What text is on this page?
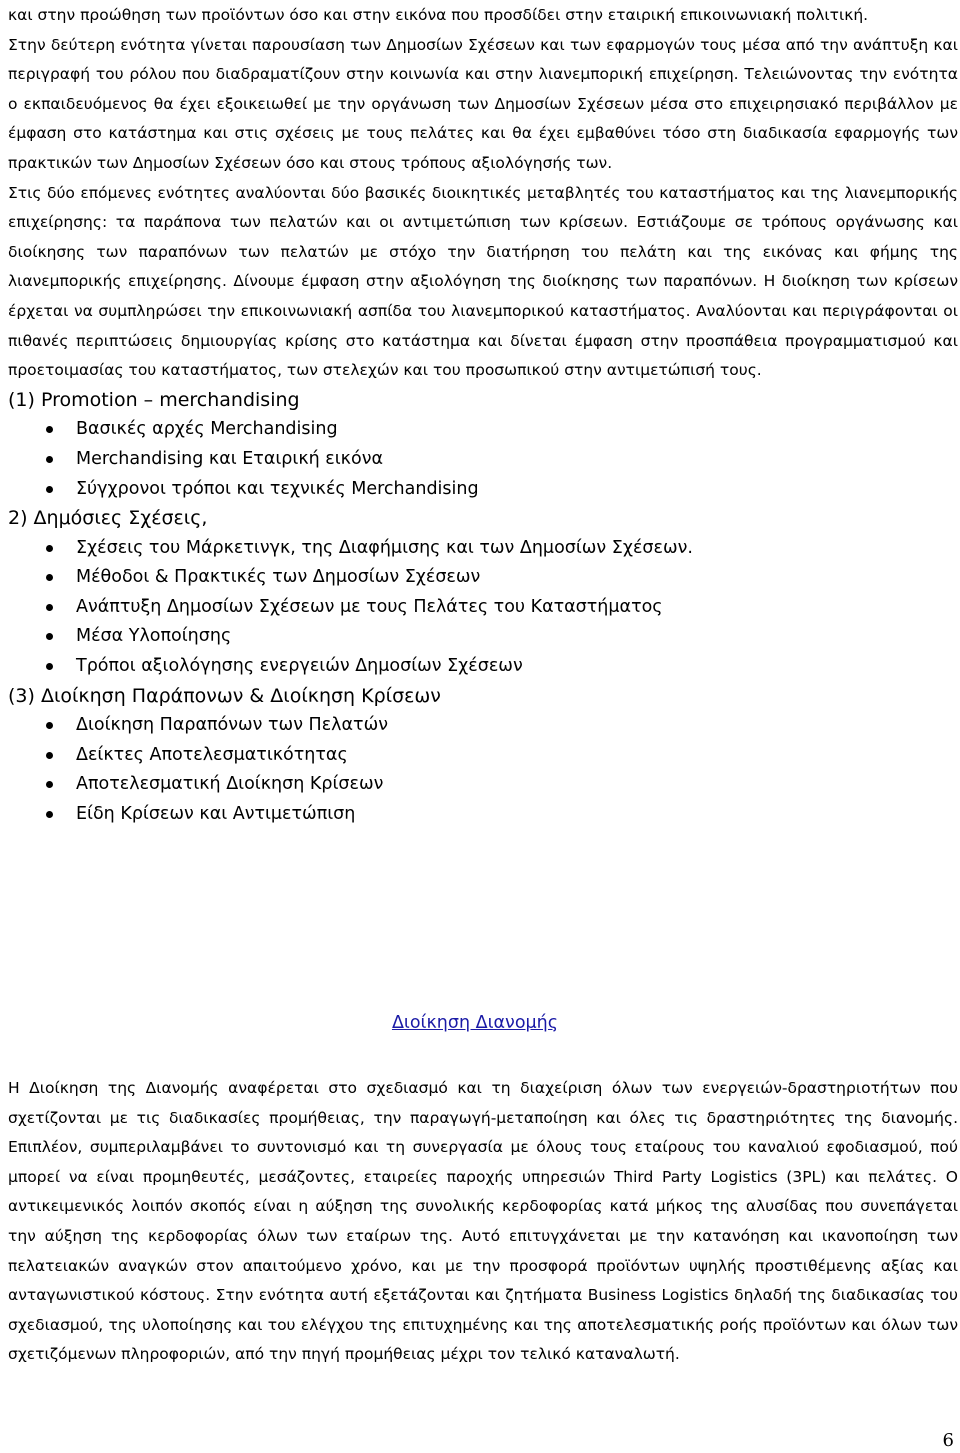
και στην προώθηση των προϊόντων όσο και στην εικόνα που προσδίδει στην εταιρική επικοινωνιακή πολιτική.

Στην δεύτερη ενότητα γίνεται παρουσίαση των Δημοσίων Σχέσεων και των εφαρμογών τους μέσα από την ανάπτυξη και περιγραφή του ρόλου που διαδραματίζουν στην κοινωνία και στην λιανεμπορική επιχείρηση. Τελειώνοντας την ενότητα ο εκπαιδευόμενος θα έχει εξοικειωθεί με την οργάνωση των Δημοσίων Σχέσεων μέσα στο επιχειρησιακό περιβάλλον με έμφαση στο κατάστημα και στις σχέσεις με τους πελάτες και θα έχει εμβαθύνει τόσο στη διαδικασία εφαρμογής των πρακτικών των Δημοσίων Σχέσεων όσο και στους τρόπους αξιολόγησής των.

Στις δύο επόμενες ενότητες αναλύονται δύο βασικές διοικητικές μεταβλητές του καταστήματος και της λιανεμπορικής επιχείρησης: τα παράπονα των πελατών και οι αντιμετώπιση των κρίσεων. Εστιάζουμε σε τρόπους οργάνωσης και διοίκησης των παραπόνων των πελατών με στόχο την διατήρηση του πελάτη και της εικόνας και φήμης της λιανεμπορικής επιχείρησης. Δίνουμε έμφαση στην αξιολόγηση της διοίκησης των παραπόνων. Η διοίκηση των κρίσεων έρχεται να συμπληρώσει την επικοινωνιακή ασπίδα του λιανεμπορικού καταστήματος. Αναλύονται και περιγράφονται οι πιθανές περιπτώσεις δημιουργίας κρίσης στο κατάστημα και δίνεται έμφαση στην προσπάθεια προγραμματισμού και προετοιμασίας του καταστήματος, των στελεχών και του προσωπικού στην αντιμετώπισή τους.

(1) Promotion – merchandising

Βασικές αρχές Merchandising
Merchandising και Εταιρική εικόνα
Σύγχρονοι τρόποι και τεχνικές Merchandising

2) Δημόσιες Σχέσεις,

Σχέσεις του Μάρκετινγκ, της Διαφήμισης και των Δημοσίων Σχέσεων.
Μέθοδοι & Πρακτικές των Δημοσίων Σχέσεων
Ανάπτυξη Δημοσίων Σχέσεων με τους Πελάτες του Καταστήματος
Μέσα Υλοποίησης
Τρόποι αξιολόγησης ενεργειών Δημοσίων Σχέσεων

(3) Διοίκηση Παράπονων & Διοίκηση Κρίσεων

Διοίκηση Παραπόνων των Πελατών
Δείκτες Αποτελεσματικότητας
Αποτελεσματική Διοίκηση Κρίσεων
Είδη Κρίσεων και Αντιμετώπιση

Διοίκηση Διανομής

Η Διοίκηση της Διανομής αναφέρεται στο σχεδιασμό και τη διαχείριση όλων των ενεργειών-δραστηριοτήτων που σχετίζονται με τις διαδικασίες προμήθειας, την παραγωγή-μεταποίηση και όλες τις δραστηριότητες της διανομής. Επιπλέον, συμπεριλαμβάνει το συντονισμό και τη συνεργασία με όλους τους εταίρους του καναλιού εφοδιασμού, πού μπορεί να είναι προμηθευτές, μεσάζοντες, εταιρείες παροχής υπηρεσιών Third Party Logistics (3PL) και πελάτες. Ο αντικειμενικός λοιπόν σκοπός είναι η αύξηση της συνολικής κερδοφορίας κατά μήκος της αλυσίδας που συνεπάγεται την αύξηση της κερδοφορίας όλων των εταίρων της. Αυτό επιτυγχάνεται με την κατανόηση και ικανοποίηση των πελατειακών αναγκών στον απαιτούμενο χρόνο, και με την προσφορά προϊόντων υψηλής προστιθέμενης αξίας και ανταγωνιστικού κόστους. Στην ενότητα αυτή εξετάζονται και ζητήματα Business Logistics δηλαδή της διαδικασίας του σχεδιασμού, της υλοποίησης και του ελέγχου της επιτυχημένης και της αποτελεσματικής ροής προϊόντων και όλων των σχετιζόμενων πληροφοριών, από την πηγή προμήθειας μέχρι τον τελικό καταναλωτή.

6
